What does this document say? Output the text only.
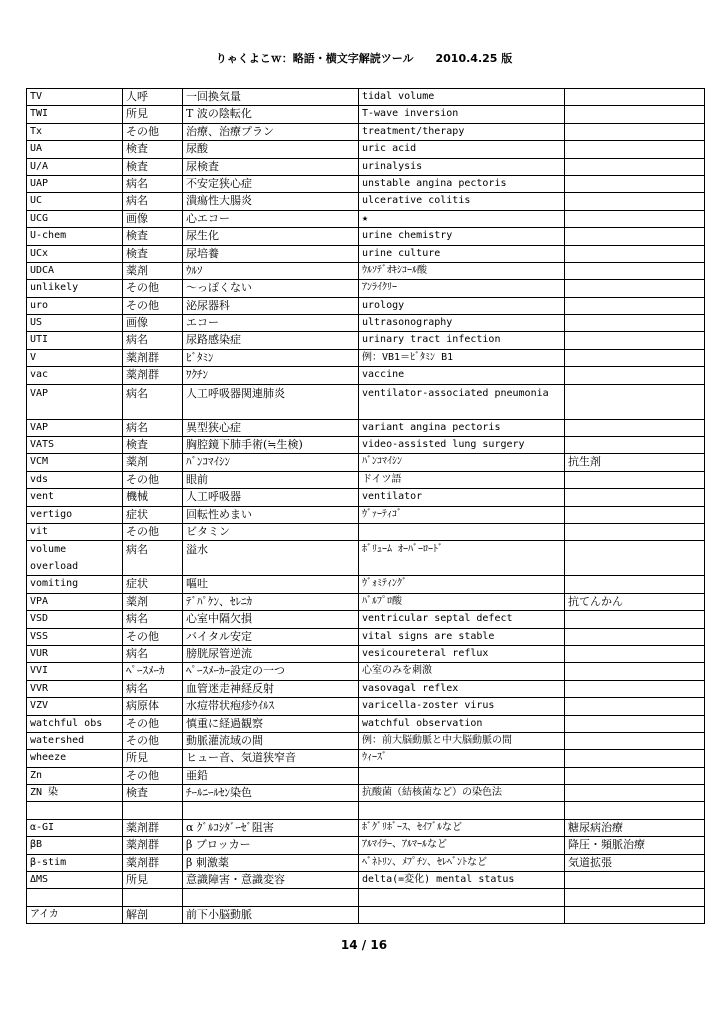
りゃくよこｗ：略語・横文字解読ツール　　2010.4.25 版
TV	人呼	一回換気量	tidal volume	
TWI	所見	T 波の陰転化	T-wave inversion	
Tx	その他	治療、治療プラン	treatment/therapy	
UA	検査	尿酸	uric acid	
U/A	検査	尿検査	urinalysis	
UAP	病名	不安定狭心症	unstable angina pectoris	
UC	病名	潰瘍性大腸炎	ulcerative colitis	
UCG	画像	心エコー	★	
U-chem	検査	尿生化	urine chemistry	
UCx	検査	尿培養	urine culture	
UDCA	薬剤	ｳﾙｿ	ｳﾙｿﾃﾞｵｷｼｺｰﾙ酸	
unlikely	その他	～っぽくない	ｱﾝﾗｲｸﾘｰ	
uro	その他	泌尿器科	urology	
US	画像	エコー	ultrasonography	
UTI	病名	尿路感染症	urinary tract infection	
V	薬剤群	ﾋﾞﾀﾐﾝ	例：VB1＝ﾋﾞﾀﾐﾝ B1	
vac	薬剤群	ﾜｸﾁﾝ	vaccine	
VAP	病名	人工呼吸器関連肺炎	ventilator-associated pneumonia	
VAP	病名	異型狭心症	variant angina pectoris	
VATS	検査	胸腔鏡下肺手術(≒生検)	video-assisted lung surgery	
VCM	薬剤	ﾊﾞﾝｺﾏｲｼﾝ	ﾊﾞﾝｺﾏｲｼﾝ	抗生剤
vds	その他	眼前	ドイツ語	
vent	機械	人工呼吸器	ventilator	
vertigo	症状	回転性めまい	ｳﾞｧｰﾃｨｺﾞ	
vit	その他	ビタミン		
volume overload	病名	溢水	ﾎﾞﾘｭｰﾑ ｵｰﾊﾞｰﾛｰﾄﾞ	
vomiting	症状	嘔吐	ｳﾞｫﾐﾃｨﾝｸﾞ	
VPA	薬剤	ﾃﾞﾊﾟｹﾝ、ｾﾚﾆｶ	ﾊﾞﾙﾌﾟﾛ酸	抗てんかん
VSD	病名	心室中隔欠損	ventricular septal defect	
VSS	その他	バイタル安定	vital signs are stable	
VUR	病名	膀胱尿管逆流	vesicoureteral reflux	
VVI	ﾍﾟｰｽﾒｰｶ	ﾍﾟｰｽﾒｰｶｰ設定の一つ	心室のみを刺激	
VVR	病名	血管迷走神経反射	vasovagal reflex	
VZV	病原体	水痘帯状疱疹ｳｲﾙｽ	varicella-zoster virus	
watchful obs	その他	慎重に経過観察	watchful observation	
watershed	その他	動脈灌流域の間	例：前大脳動脈と中大脳動脈の間	
wheeze	所見	ヒュー音、気道狭窄音	ｳｨｰｽﾞ	
Zn	その他	亜鉛		
ZN 染	検査	ﾁｰﾙﾆｰﾙｾﾝ染色	抗酸菌（結核菌など）の染色法	

α-GI	薬剤群	α ｸﾞﾙｺｼﾀﾞｰｾﾞ阻害	ﾎﾞｸﾞﾘﾎﾞｰｽ、ｾｲﾌﾞﾙなど	糖尿病治療
βB	薬剤群	β ブロッカー	ｱﾙﾏｲﾗｰ、ｱﾙﾏｰﾙなど	降圧・頻脈治療
β-stim	薬剤群	β 刺激薬	ﾍﾞﾈﾄﾘﾝ、ﾒﾌﾟﾁﾝ、ｾﾚﾍﾞﾝﾄなど	気道拡張
ΔMS	所見	意識障害・意識変容	delta(=変化) mental status	

アイカ	解剖	前下小脳動脈		
14 / 16
